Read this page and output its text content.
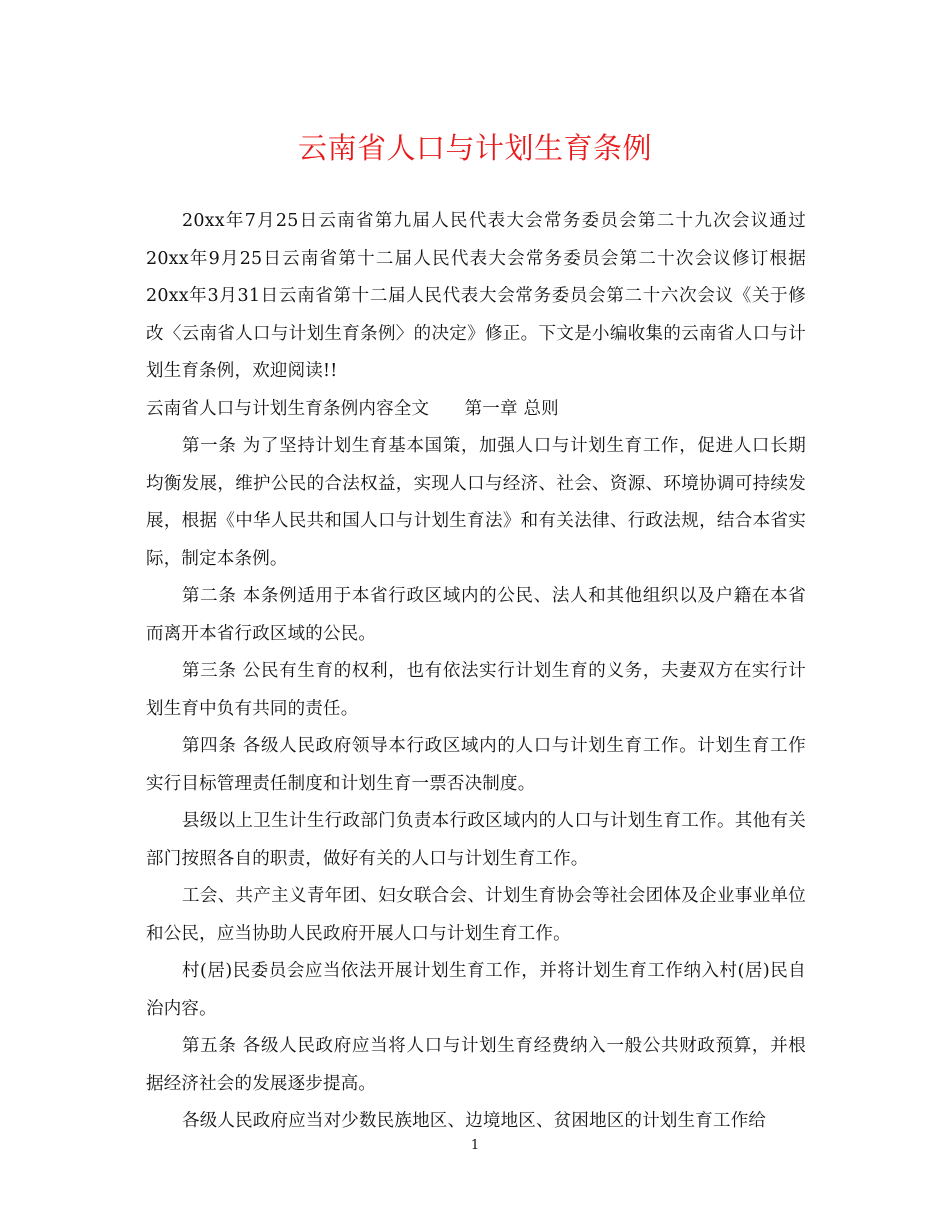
云南省人口与计划生育条例

20xx年7月25日云南省第九届人民代表大会常务委员会第二十九次会议通过20xx年9月25日云南省第十二届人民代表大会常务委员会第二十次会议修订根据20xx年3月31日云南省第十二届人民代表大会常务委员会第二十六次会议《关于修改〈云南省人口与计划生育条例〉的决定》修正。下文是小编收集的云南省人口与计划生育条例，欢迎阅读!!

云南省人口与计划生育条例内容全文　　第一章 总则

第一条 为了坚持计划生育基本国策，加强人口与计划生育工作，促进人口长期均衡发展，维护公民的合法权益，实现人口与经济、社会、资源、环境协调可持续发展，根据《中华人民共和国人口与计划生育法》和有关法律、行政法规，结合本省实际，制定本条例。

第二条 本条例适用于本省行政区域内的公民、法人和其他组织以及户籍在本省而离开本省行政区域的公民。

第三条 公民有生育的权利，也有依法实行计划生育的义务，夫妻双方在实行计划生育中负有共同的责任。

第四条 各级人民政府领导本行政区域内的人口与计划生育工作。计划生育工作实行目标管理责任制度和计划生育一票否决制度。

县级以上卫生计生行政部门负责本行政区域内的人口与计划生育工作。其他有关部门按照各自的职责，做好有关的人口与计划生育工作。

工会、共产主义青年团、妇女联合会、计划生育协会等社会团体及企业事业单位和公民，应当协助人民政府开展人口与计划生育工作。

村(居)民委员会应当依法开展计划生育工作，并将计划生育工作纳入村(居)民自治内容。

第五条 各级人民政府应当将人口与计划生育经费纳入一般公共财政预算，并根据经济社会的发展逐步提高。

各级人民政府应当对少数民族地区、边境地区、贫困地区的计划生育工作给

1
